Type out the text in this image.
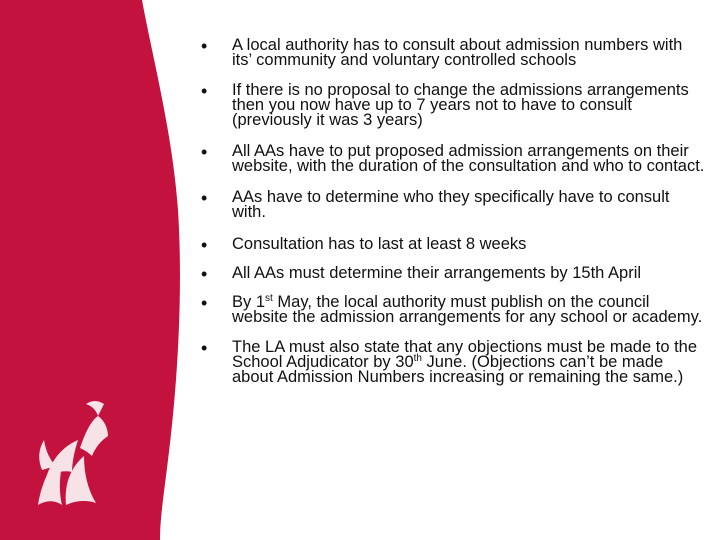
• A local authority has to consult about admission numbers with its’ community and voluntary controlled schools
• If there is no proposal to change the admissions arrangements then you now have up to 7 years not to have to consult (previously it was 3 years)
• All AAs have to put proposed admission arrangements on their website, with the duration of the consultation and who to contact.
• AAs have to determine who they specifically have to consult with.
• Consultation has to last at least 8 weeks
• All AAs must determine their arrangements by 15th April
• By 1st May, the local authority must publish on the council website the admission arrangements for any school or academy.
• The LA must also state that any objections must be made to the School Adjudicator by 30th June. (Objections can’t be made about Admission Numbers increasing or remaining the same.)
